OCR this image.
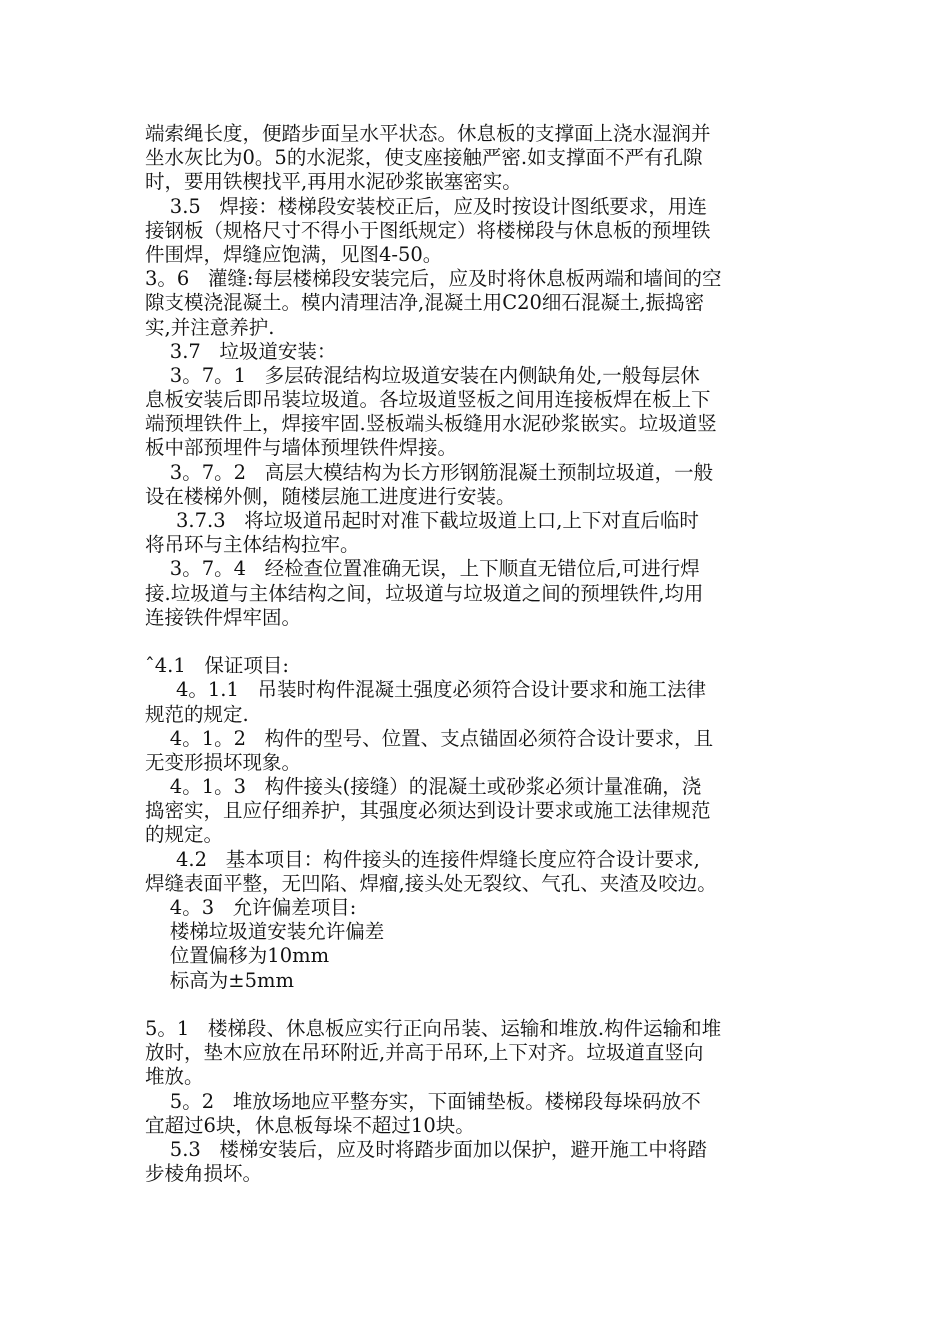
端索绳长度，便踏步面呈水平状态。休息板的支撑面上浇水湿润并
坐水灰比为0。5的水泥浆，使支座接触严密.如支撑面不严有孔隙
时，要用铁楔找平,再用水泥砂浆嵌塞密实。
3.5   焊接：楼梯段安装校正后，应及时按设计图纸要求，用连
接钢板（规格尺寸不得小于图纸规定）将楼梯段与休息板的预埋铁
件围焊，焊缝应饱满，见图4-50。
3。6   灌缝:每层楼梯段安装完后，应及时将休息板两端和墙间的空
隙支模浇混凝土。模内清理洁净,混凝土用C20细石混凝土,振捣密
实,并注意养护.
3.7   垃圾道安装：
3。7。1   多层砖混结构垃圾道安装在内侧缺角处,一般每层休
息板安装后即吊装垃圾道。各垃圾道竖板之间用连接板焊在板上下
端预埋铁件上，焊接牢固.竖板端头板缝用水泥砂浆嵌实。垃圾道竖
板中部预埋件与墙体预埋铁件焊接。
3。7。2   高层大模结构为长方形钢筋混凝土预制垃圾道，一般
设在楼梯外侧，随楼层施工进度进行安装。
3.7.3   将垃圾道吊起时对准下截垃圾道上口,上下对直后临时
将吊环与主体结构拉牢。
3。7。4   经检查位置准确无误，上下顺直无错位后,可进行焊
接.垃圾道与主体结构之间，垃圾道与垃圾道之间的预埋铁件,均用
连接铁件焊牢固。
ˆ4.1   保证项目:
4。1.1   吊装时构件混凝土强度必须符合设计要求和施工法律
规范的规定.
4。1。2   构件的型号、位置、支点锚固必须符合设计要求，且
无变形损坏现象。
4。1。3   构件接头(接缝）的混凝土或砂浆必须计量准确，浇
捣密实，且应仔细养护，其强度必须达到设计要求或施工法律规范
的规定。
4.2   基本项目：构件接头的连接件焊缝长度应符合设计要求,
焊缝表面平整，无凹陷、焊瘤,接头处无裂纹、气孔、夹渣及咬边。
4。3   允许偏差项目:
楼梯垃圾道安装允许偏差
位置偏移为10mm
标高为±5mm
5。1   楼梯段、休息板应实行正向吊装、运输和堆放.构件运输和堆
放时，垫木应放在吊环附近,并高于吊环,上下对齐。垃圾道直竖向
堆放。
5。2   堆放场地应平整夯实，下面铺垫板。楼梯段每垛码放不
宜超过6块，休息板每垛不超过10块。
5.3   楼梯安装后，应及时将踏步面加以保护，避开施工中将踏
步棱角损坏。
